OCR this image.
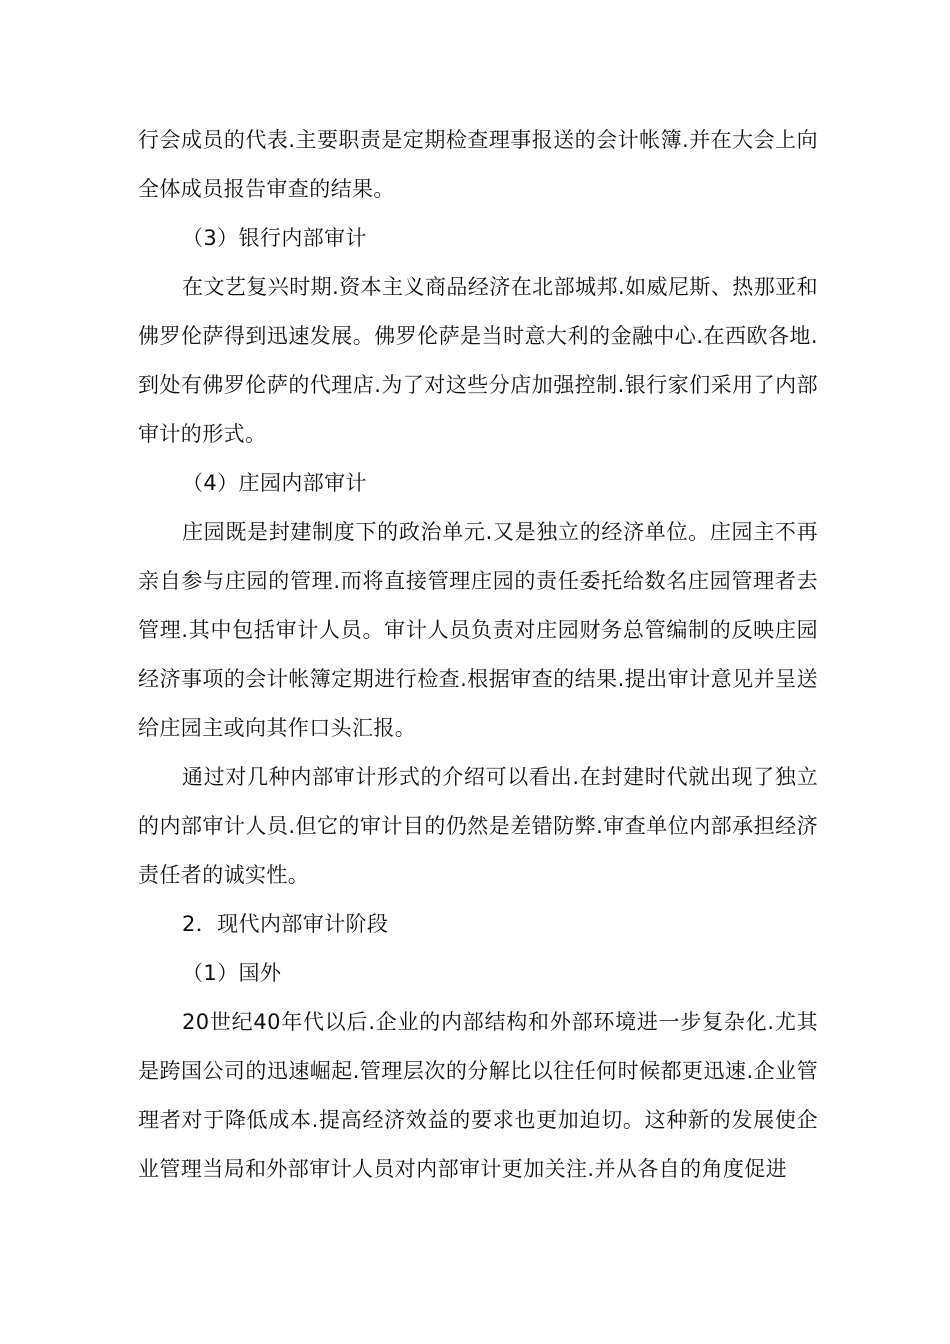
行会成员的代表.主要职责是定期检查理事报送的会计帐簿.并在大会上向全体成员报告审查的结果。

（3）银行内部审计

在文艺复兴时期.资本主义商品经济在北部城邦.如威尼斯、热那亚和佛罗伦萨得到迅速发展。佛罗伦萨是当时意大利的金融中心.在西欧各地.到处有佛罗伦萨的代理店.为了对这些分店加强控制.银行家们采用了内部审计的形式。

（4）庄园内部审计

庄园既是封建制度下的政治单元.又是独立的经济单位。庄园主不再亲自参与庄园的管理.而将直接管理庄园的责任委托给数名庄园管理者去管理.其中包括审计人员。审计人员负责对庄园财务总管编制的反映庄园经济事项的会计帐簿定期进行检查.根据审查的结果.提出审计意见并呈送给庄园主或向其作口头汇报。

通过对几种内部审计形式的介绍可以看出.在封建时代就出现了独立的内部审计人员.但它的审计目的仍然是差错防弊.审查单位内部承担经济责任者的诚实性。

2．现代内部审计阶段

（1）国外

20世纪40年代以后.企业的内部结构和外部环境进一步复杂化.尤其是跨国公司的迅速崛起.管理层次的分解比以往任何时候都更迅速.企业管理者对于降低成本.提高经济效益的要求也更加迫切。这种新的发展使企业管理当局和外部审计人员对内部审计更加关注.并从各自的角度促进
